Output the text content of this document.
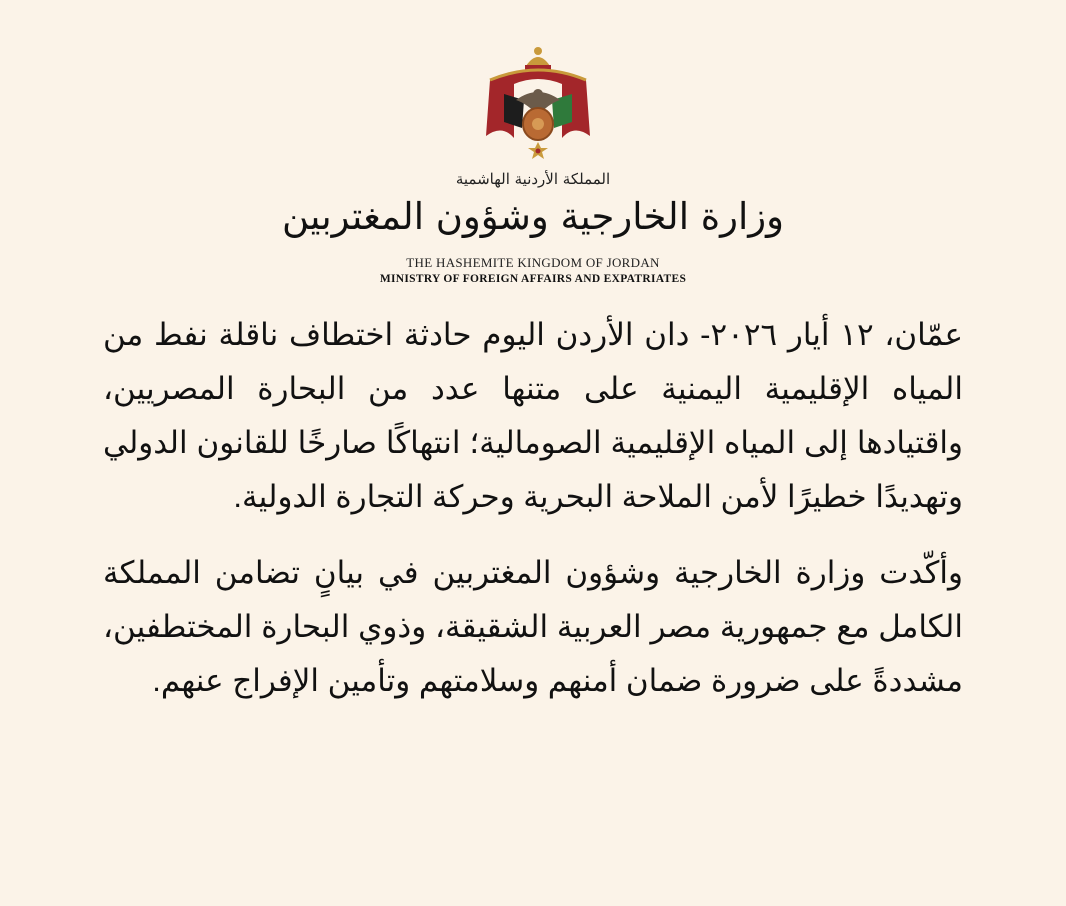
المملكة الأردنية الهاشمية
وزارة الخارجية وشؤون المغتربين
THE HASHEMITE KINGDOM OF JORDAN
MINISTRY OF FOREIGN AFFAIRS AND EXPATRIATES

عمّان، ١٢ أيار ٢٠٢٦- دان الأردن اليوم حادثة اختطاف ناقلة نفط من المياه الإقليمية اليمنية على متنها عدد من البحارة المصريين، واقتيادها إلى المياه الإقليمية الصومالية؛ انتهاكًا صارخًا للقانون الدولي وتهديدًا خطيرًا لأمن الملاحة البحرية وحركة التجارة الدولية.

وأكّدت وزارة الخارجية وشؤون المغتربين في بيانٍ تضامن المملكة الكامل مع جمهورية مصر العربية الشقيقة، وذوي البحارة المختطفين، مشددةً على ضرورة ضمان أمنهم وسلامتهم وتأمين الإفراج عنهم.
